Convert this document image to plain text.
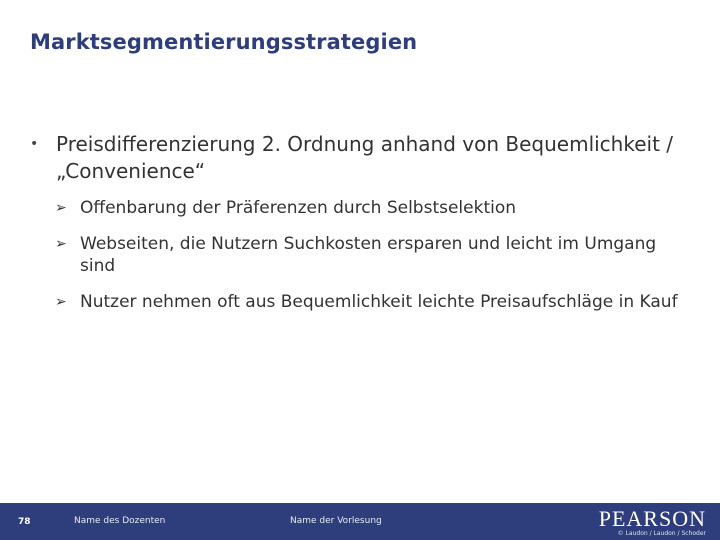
Marktsegmentierungsstrategien
• Preisdifferenzierung 2. Ordnung anhand von Bequemlichkeit / „Convenience“
➢ Offenbarung der Präferenzen durch Selbstselektion
➢ Webseiten, die Nutzern Suchkosten ersparen und leicht im Umgang sind
➢ Nutzer nehmen oft aus Bequemlichkeit leichte Preisaufschläge in Kauf
78	Name des Dozenten	Name der Vorlesung	PEARSON
© Laudon / Laudon / Schoder
